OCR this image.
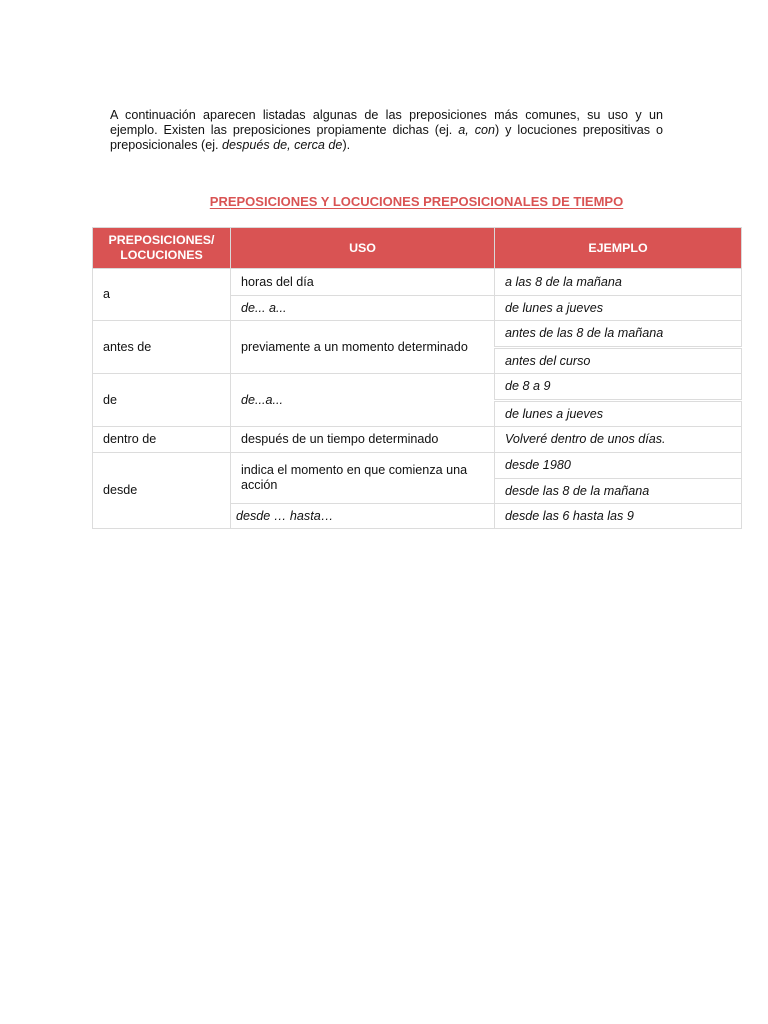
A continuación aparecen listadas algunas de las preposiciones más comunes, su uso y un ejemplo. Existen las preposiciones propiamente dichas (ej. a, con) y locuciones prepositivas o preposicionales (ej. después de, cerca de).

PREPOSICIONES Y LOCUCIONES PREPOSICIONALES DE TIEMPO
PREPOSICIONES/ LOCUCIONES	USO	EJEMPLO
a	horas del día	a las 8 de la mañana
	de... a...	de lunes a jueves
antes de	previamente a un momento determinado	antes de las 8 de la mañana
		antes del curso
de	de...a...	de 8 a 9
		de lunes a jueves
dentro de	después de un tiempo determinado	Volveré dentro de unos días.
desde	indica el momento en que comienza una acción	desde 1980
		desde las 8 de la mañana
	desde … hasta…	desde las 6 hasta las 9
